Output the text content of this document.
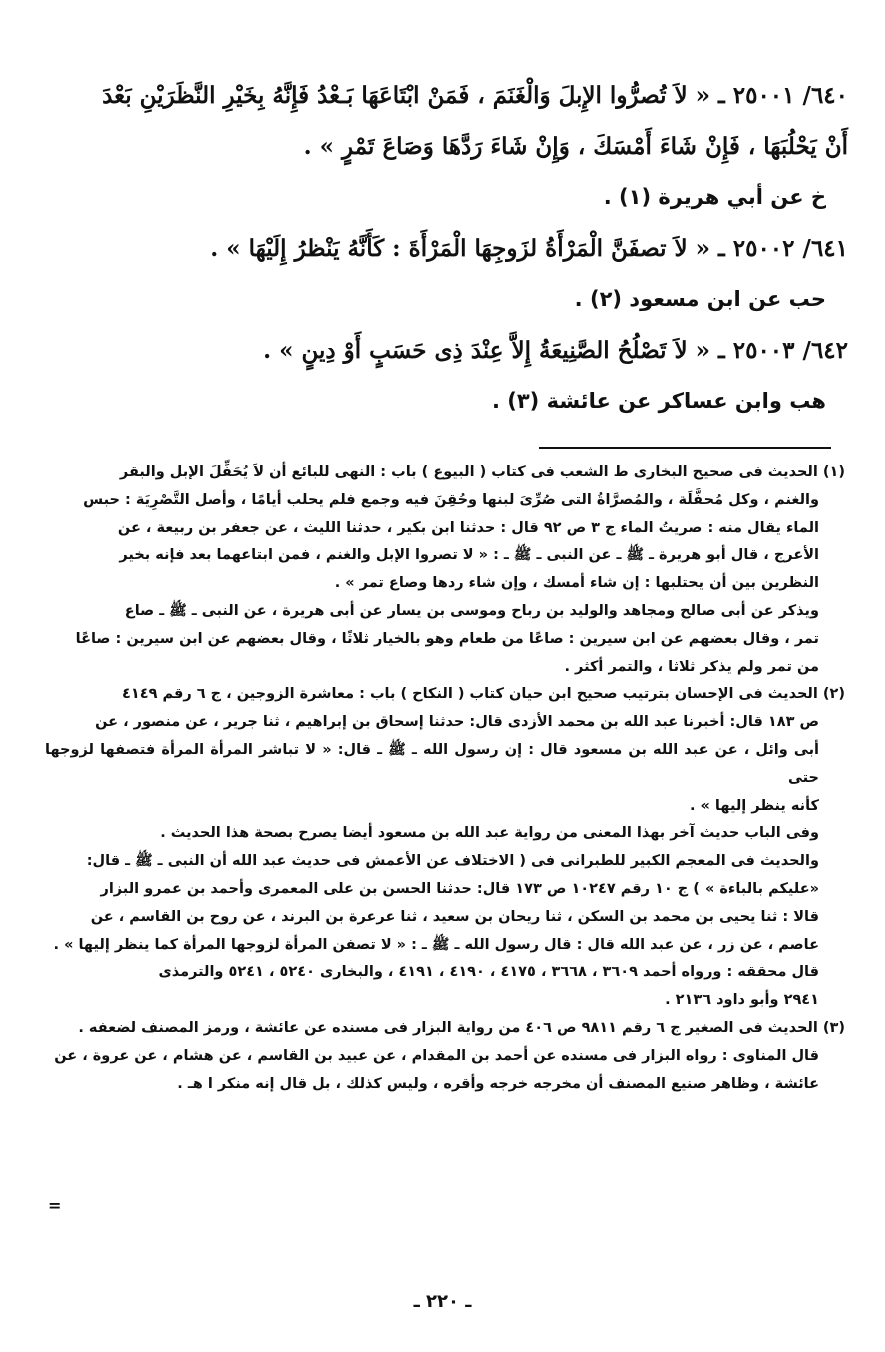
٦٤٠/ ٢٥٠٠١ ـ « لاَ تُصرُّوا الإِبلَ وَالْغَنَمَ ، فَمَنْ ابْتَاعَهَا بَـعْدُ فَإِنَّهُ بِخَيْرِ النَّظَرَيْنِ بَعْدَ

أَنْ يَحْلُبَهَا ، فَإِنْ شَاءَ أَمْسَكَ ، وَإِنْ شَاءَ رَدَّهَا وَصَاعَ تَمْرٍ » .

خ عن أبي هريرة (١) .

٦٤١/ ٢٥٠٠٢ ـ « لاَ تصفَنَّ الْمَرْأَةُ لزَوجِهَا الْمَرْأَةَ : كَأَنَّهُ يَنْظرُ إِلَيْهَا » .

حب عن ابن مسعود (٢) .

٦٤٢/ ٢٥٠٠٣ ـ « لاَ تَصْلُحُ الصَّنِيعَةُ إِلاَّ عِنْدَ ذِى حَسَبٍ أَوْ دِينٍ » .

هب وابن عساكر عن عائشة (٣) .

(١) الحديث فى صحيح البخارى ط الشعب فى كتاب ( البيوع ) باب : النهى للبائع أن لاَ يُحَفِّلَ الإبل والبقر

والغنم ، وكل مُحفَّلَة ، والمُصرَّاةُ التى صُرِّىَ لبنها وحُقِنَ فيه وجمع فلم يحلب أيامًا ، وأصل التَّصْرِيَة : حبس

الماء يقال منه : صريتُ الماء ج ٣ ص ٩٢ قال : حدثنا ابن بكير ، حدثنا الليث ، عن جعفر بن ربيعة ، عن

الأعرج ، قال أبو هريرة ـ ﷺ ـ عن النبى ـ ﷺ ـ : « لا تصروا الإبل والغنم ، فمن ابتاعهما بعد فإنه بخير

النظرين بين أن يحتلبها : إن شاء أمسك ، وإن شاء ردها وصاع تمر » .

ويذكر عن أبى صالح ومجاهد والوليد بن رباح وموسى بن يسار عن أبى هريرة ، عن النبى ـ ﷺ ـ صاع

تمر ، وقال بعضهم عن ابن سيرين : صاعًا من طعام وهو بالخيار ثلاثًا ، وقال بعضهم عن ابن سيرين : صاعًا

من تمر ولم يذكر ثلاثا ، والتمر أكثر .

(٢) الحديث فى الإحسان بترتيب صحيح ابن حيان كتاب ( النكاح ) باب : معاشرة الزوجين ، ج ٦ رقم ٤١٤٩

ص ١٨٣ قال: أخبرنا عبد الله بن محمد الأزدى قال: حدثنا إسحاق بن إبراهيم ، ثنا جرير ، عن منصور ، عن

أبى وائل ، عن عبد الله بن مسعود قال : إن رسول الله ـ ﷺ ـ قال: « لا تباشر المرأة المرأة فتصفها لزوجها حتى

كأنه ينظر إليها » .

وفى الباب حديث آخر بهذا المعنى من رواية عبد الله بن مسعود أيضا يصرح بصحة هذا الحديث .

والحديث فى المعجم الكبير للطبرانى فى ( الاختلاف عن الأعمش فى حديث عبد الله أن النبى ـ ﷺ ـ قال:

«عليكم بالباءة » ) ج ١٠ رقم ١٠٢٤٧ ص ١٧٣ قال: حدثنا الحسن بن على المعمرى وأحمد بن عمرو البزار

قالا : ثنا يحيى بن محمد بن السكن ، ثنا ريحان بن سعيد ، ثنا عرعرة بن البرند ، عن روح بن القاسم ، عن

عاصم ، عن زر ، عن عبد الله قال : قال رسول الله ـ ﷺ ـ : « لا تصفن المرأة لزوجها المرأة كما ينظر إليها » .

قال محققه : ورواه أحمد ٣٦٠٩ ، ٣٦٦٨ ، ٤١٧٥ ، ٤١٩٠ ، ٤١٩١ ، والبخارى ٥٢٤٠ ، ٥٢٤١ والترمذى

٢٩٤١ وأبو داود ٢١٣٦ .

(٣) الحديث فى الصغير ج ٦ رقم ٩٨١١ ص ٤٠٦ من رواية البزار فى مسنده عن عائشة ، ورمز المصنف لضعفه .

قال المناوى : رواه البزار فى مسنده عن أحمد بن المقدام ، عن عبيد بن القاسم ، عن هشام ، عن عروة ، عن

عائشة ، وظاهر صنيع المصنف أن مخرجه خرجه وأقره ، وليس كذلك ، بل قال إنه منكر ا هـ .

=
ـ ٢٢٠ ـ
